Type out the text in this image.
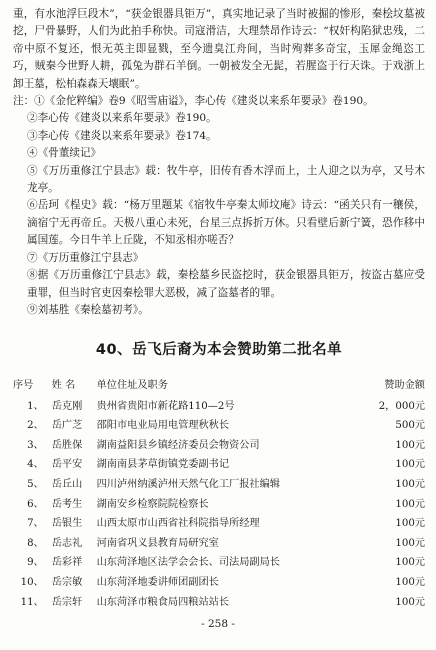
重，有水池浮巨段木”，“获金银器具钜万”，真实地记录了当时被掘的惨形，秦桧坟墓被挖，尸骨暴野，人们为此拍手称快。司寇滑洁，大理禁昂作诗云：“权奸构陷狱忠残，二帝中原不复还，恨无英主即显戮，至今遗臭江舟间，当时殉葬多奇宝，玉犀金绳恣工巧，贼秦今世野人耕，孤兔为群石羊倒。一朝被发全无髭，若腥盗于行天诛。于戏浙上卸王墓，松柏森森天壤眠”。

注：①《金佗粹编》卷9《昭雪庙谥》，李心传《建炎以来系年要录》卷190。

②李心传《建炎以来系年要录》卷190。

③李心传《建炎以来系年要录》卷174。

④《骨董续记》

⑤《万历重修江宁县志》载：牧牛亭，旧传有香木浮而上，土人迎之以为亭，又号木龙亭。

⑥岳珂《桯史》载：“杨万里题某《宿牧牛亭秦太师坟庵》诗云：“函关只有一穰侯，滴宿宁无再帝丘。天极八重心未死，台星三点拆折万休。只看壁后新宁簧，恐作移中属国莲。今日牛羊上丘陇，不知丞相亦嗟否？

⑦《万历重修江宁县志》

⑧据《万历重修江宁县志》载，秦桧墓乡民盗挖时，获金银器具钜万，按盗古墓应受重罪，但当时官吏因秦桧罪大恶极，减了盗墓者的罪。

⑨刘基胜《秦桧墓初考》。

40、岳飞后裔为本会赞助第二批名单
序号	姓 名	单位住址及职务	赞助金额
1、	岳克刚	贵州省贵阳市新花路110—2号	2，000元
2、	岳广芝	邵阳市电业局用电管理秋秋长	500元
3、	岳胜保	湖南益阳县乡镇经济委员会物资公司	100元
4、	岳平安	湖南南县茅草街镇党委副书记	100元
5、	岳丘山	四川泸州纳溪泸州天然气化工厂报社编辑	100元
6、	岳考生	湖南安乡检察院院检察长	100元
7、	岳银生	山西太原市山西省社科院指导所经理	100元
8、	岳志礼	河南省巩义县教育局研究室	100元
9、	岳彩祥	山东菏泽地区法学会会长、司法局副局长	100元
10、	岳宗敏	山东菏泽地委讲师团副团长	100元
11、	岳宗轩	山东菏泽市粮食局四粮站站长	100元
- 258 -
